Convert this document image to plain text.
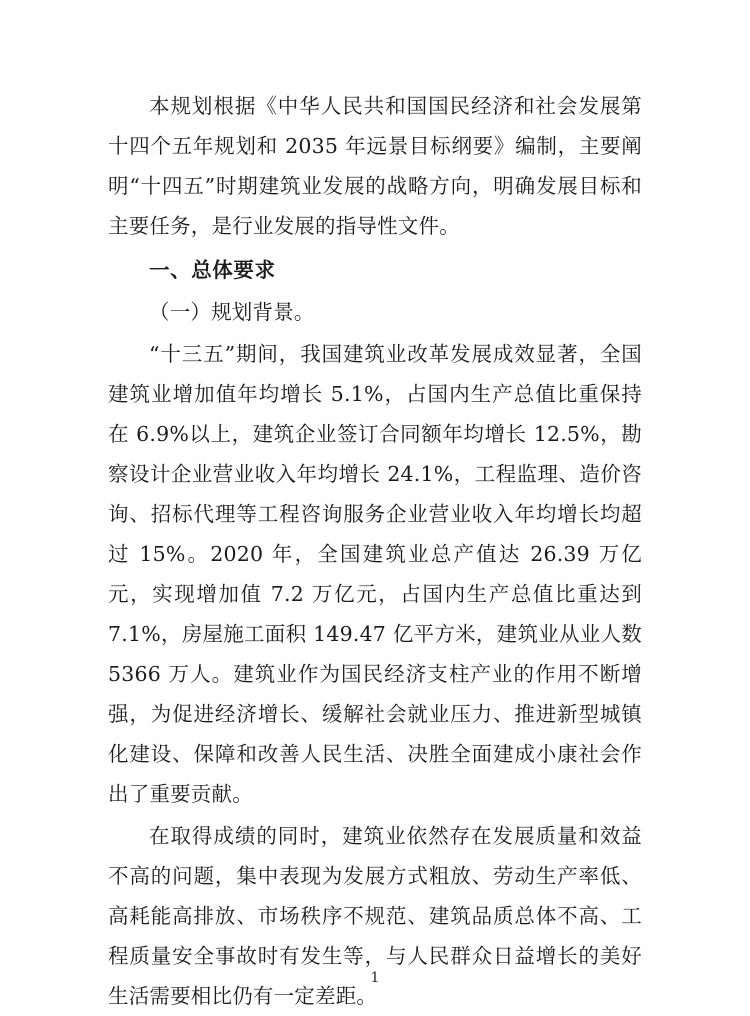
本规划根据《中华人民共和国国民经济和社会发展第十四个五年规划和 2035 年远景目标纲要》编制，主要阐明“十四五”时期建筑业发展的战略方向，明确发展目标和主要任务，是行业发展的指导性文件。

一、总体要求

（一）规划背景。

“十三五”期间，我国建筑业改革发展成效显著，全国建筑业增加值年均增长 5.1%，占国内生产总值比重保持在 6.9%以上，建筑企业签订合同额年均增长 12.5%，勘察设计企业营业收入年均增长 24.1%，工程监理、造价咨询、招标代理等工程咨询服务企业营业收入年均增长均超过 15%。2020 年，全国建筑业总产值达 26.39 万亿元，实现增加值 7.2 万亿元，占国内生产总值比重达到 7.1%，房屋施工面积 149.47 亿平方米，建筑业从业人数 5366 万人。建筑业作为国民经济支柱产业的作用不断增强，为促进经济增长、缓解社会就业压力、推进新型城镇化建设、保障和改善人民生活、决胜全面建成小康社会作出了重要贡献。

在取得成绩的同时，建筑业依然存在发展质量和效益不高的问题，集中表现为发展方式粗放、劳动生产率低、高耗能高排放、市场秩序不规范、建筑品质总体不高、工程质量安全事故时有发生等，与人民群众日益增长的美好生活需要相比仍有一定差距。

1
